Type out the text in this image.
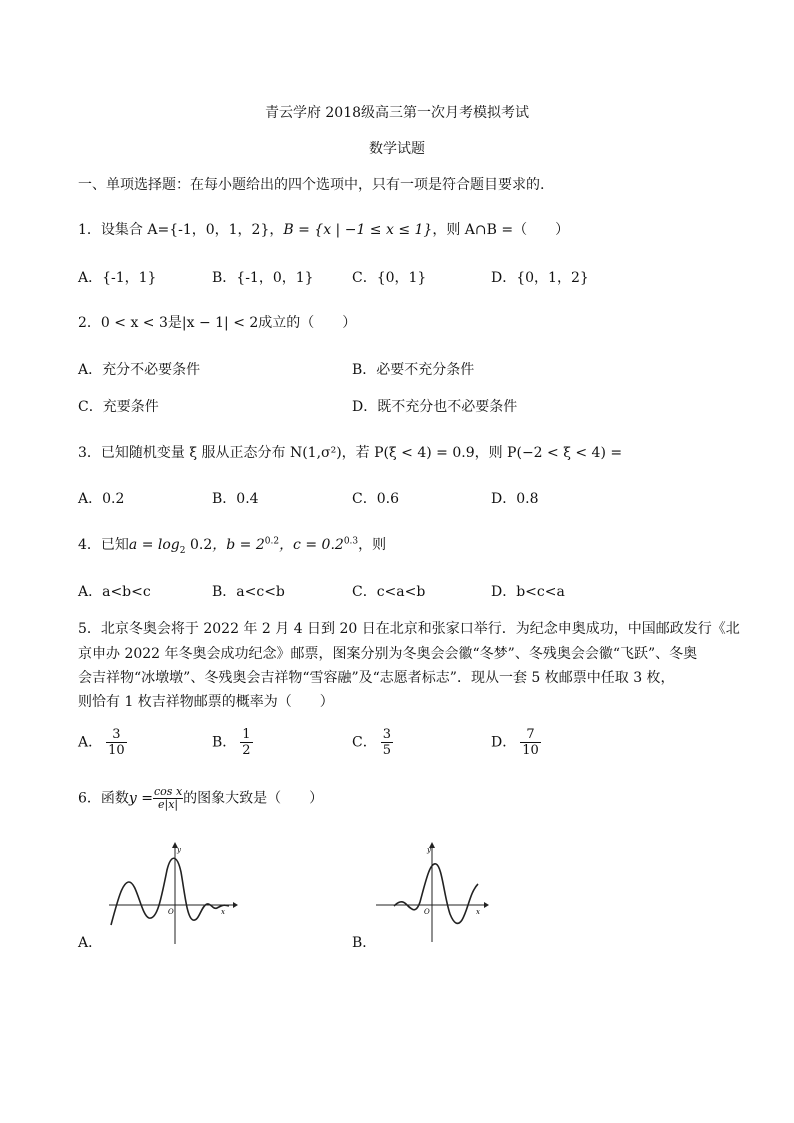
青云学府 2018级高三第一次月考模拟考试
数学试题
一、单项选择题：在每小题给出的四个选项中，只有一项是符合题目要求的.
1．设集合 A={-1，0，1，2}，B = {x | −1 ≤ x ≤ 1}，则 A∩B =（　　）
A．{-1，1}	B．{-1，0，1}	C．{0，1}	D．{0，1，2}
2．0 < x < 3是|x − 1| < 2成立的（　　）
A．充分不必要条件	B．必要不充分条件
C．充要条件	D．既不充分也不必要条件
3．已知随机变量 ξ 服从正态分布 N(1,σ²)，若 P(ξ < 4) = 0.9，则 P(−2 < ξ < 4) =
A．0.2	B．0.4	C．0.6	D．0.8
4．已知$a = \log_2 0.2$，$b = 2^{0.2}$，$c = 0.2^{0.3}$，则
A．a<b<c	B．a<c<b	C．c<a<b	D．b<c<a
5．北京冬奥会将于 2022 年 2 月 4 日到 20 日在北京和张家口举行．为纪念申奥成功，中国邮政发行《北
京申办 2022 年冬奥会成功纪念》邮票，图案分别为冬奥会会徽“冬梦”、冬残奥会会徽“飞跃”、冬奥
会吉祥物“冰墩墩”、冬残奥会吉祥物“雪容融”及“志愿者标志”．现从一套 5 枚邮票中任取 3 枚，
则恰有 1 枚吉祥物邮票的概率为（　　）
A． $\frac{3}{10}$	B． $\frac{1}{2}$	C． $\frac{3}{5}$	D． $\frac{7}{10}$
6．函数$y = \frac{\text{cos x}}{e|x|}$ 的图象大致是（　　）
y
x
O
A．
y
x
O
B．
